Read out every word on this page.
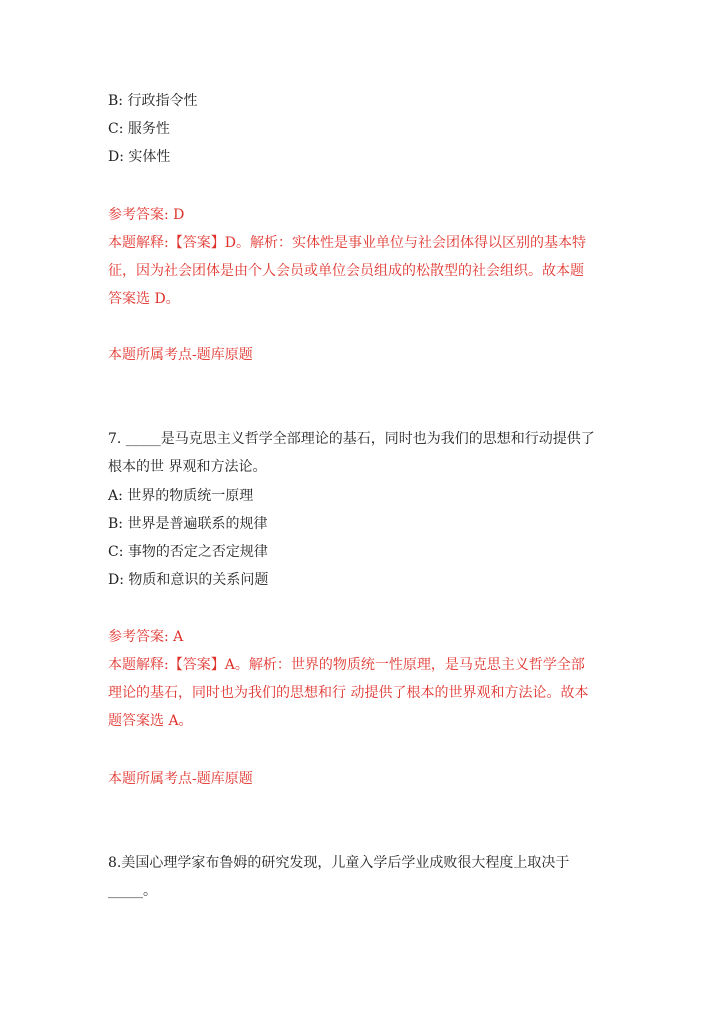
B: 行政指令性
C: 服务性
D: 实体性
参考答案: D
本题解释:【答案】D。解析：实体性是事业单位与社会团体得以区别的基本特
征，因为社会团体是由个人会员或单位会员组成的松散型的社会组织。故本题
答案选 D。
本题所属考点-题库原题
7. _____是马克思主义哲学全部理论的基石，同时也为我们的思想和行动提供了
根本的世 界观和方法论。
A: 世界的物质统一原理
B: 世界是普遍联系的规律
C: 事物的否定之否定规律
D: 物质和意识的关系问题
参考答案: A
本题解释:【答案】A。解析：世界的物质统一性原理，是马克思主义哲学全部
理论的基石，同时也为我们的思想和行 动提供了根本的世界观和方法论。故本
题答案选 A。
本题所属考点-题库原题
8.美国心理学家布鲁姆的研究发现，儿童入学后学业成败很大程度上取决于
_____。
